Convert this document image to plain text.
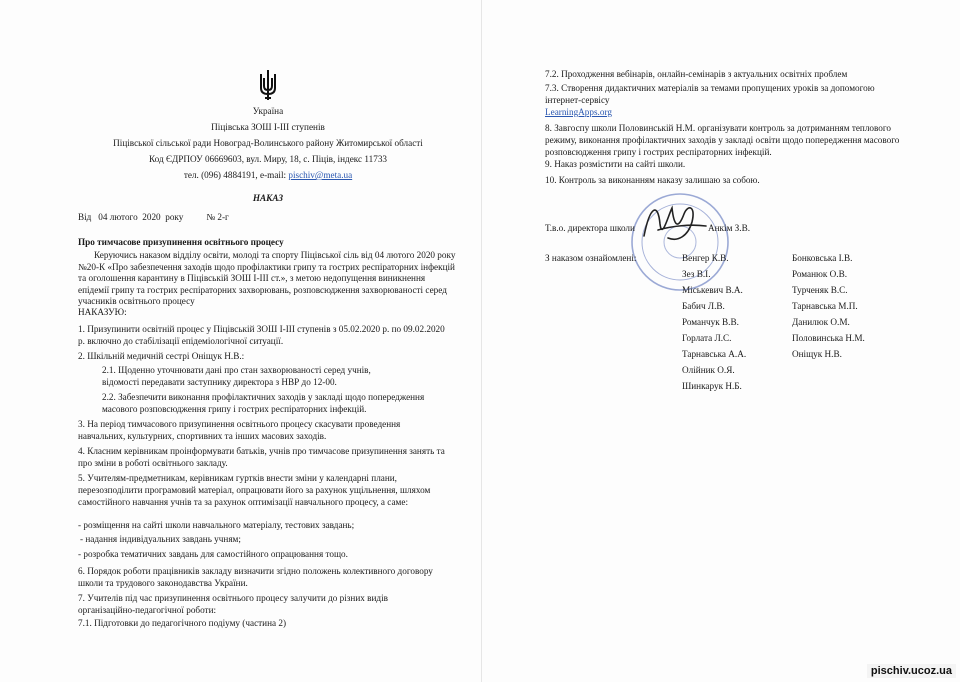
Україна
Піцівська ЗОШ І-ІІІ ступенів
Піцівської сільської ради Новоград-Волинського району Житомирської області
Код ЄДРПОУ 06669603, вул. Миру, 18, с. Піців, індекс 11733
тел. (096) 4884191, e-mail: pischiv@meta.ua
НАКАЗ
Від   04 лютого  2020  року          № 2-г
Про тимчасове призупинення освітнього процесу
Керуючись наказом відділу освіти, молоді та спорту Піцівської сіль від 04 лютого 2020 року №20-К «Про забезпечення заходів щодо профілактики грипу та гострих респіраторних інфекцій та оголошення карантину в Піцівській ЗОШ І-ІІІ ст.», з метою недопущення виникнення епідемії грипу та гострих респіраторних захворювань, розповсюдження захворюваності серед учасників освітнього процесу
НАКАЗУЮ:
1. Призупинити освітній процес у Піцівській ЗОШ І-ІІІ ступенів з 05.02.2020 р. по 09.02.2020 р. включно до стабілізації епідеміологічної ситуації.
2. Шкільній медичній сестрі Оніщук Н.В.:
2.1. Щоденно уточнювати дані про стан захворюваності серед учнів, відомості передавати заступнику директора з НВР до 12-00.
2.2. Забезпечити виконання профілактичних заходів у закладі щодо попередження масового розповсюдження грипу і гострих респіраторних інфекцій.
3. На період тимчасового призупинення освітнього процесу скасувати проведення навчальних, культурних, спортивних та інших масових заходів.
4. Класним керівникам проінформувати батьків, учнів про тимчасове призупинення занять та про зміни в роботі освітнього закладу.
5. Учителям-предметникам, керівникам гуртків внести зміни у календарні плани, перезозподілити програмовий матеріал, опрацювати його за рахунок ущільнення, шляхом самостійного навчання учнів та за рахунок оптимізації навчального процесу, а саме:
- розміщення на сайті школи навчального матеріалу, тестових завдань;
- надання індивідуальних завдань учням;
- розробка тематичних завдань для самостійного опрацювання тощо.
6. Порядок роботи працівників закладу визначити згідно положень колективного договору школи та трудового законодавства України.
7. Учителів під час призупинення освітнього процесу залучити до різних видів організаційно-педагогічної роботи:
7.1. Підготовки до педагогічного подіуму (частина 2)
7.2. Проходження вебінарів, онлайн-семінарів з актуальних освітніх проблем
7.3. Створення дидактичних матеріалів за темами пропущених уроків за допомогою інтернет-сервісу
LearningApps.org
8. Завгоспу школи Половинській Н.М. організувати контроль за дотриманням теплового режиму, виконання профілактичних заходів у закладі освіти щодо попередження масового розповсюдження грипу і гострих респіраторних інфекцій.
9. Наказ розмістити на сайті школи.
10. Контроль за виконанням наказу залишаю за собою.
Т.в.о. директора школи	Анкім З.В.
З наказом ознайомлені:	Венгер К.В.
Зез В.І.
Міськевич В.А.
Бабич Л.В.
Романчук В.В.
Горлата Л.С.
Тарнавська А.А.
Олійник О.Я.
Шинкарук Н.Б.
Бонковська І.В.
Романюк О.В.
Турченяк В.С.
Тарнавська М.П.
Данилюк О.М.
Половинська Н.М.
Оніщук Н.В.
pischiv.ucoz.ua
